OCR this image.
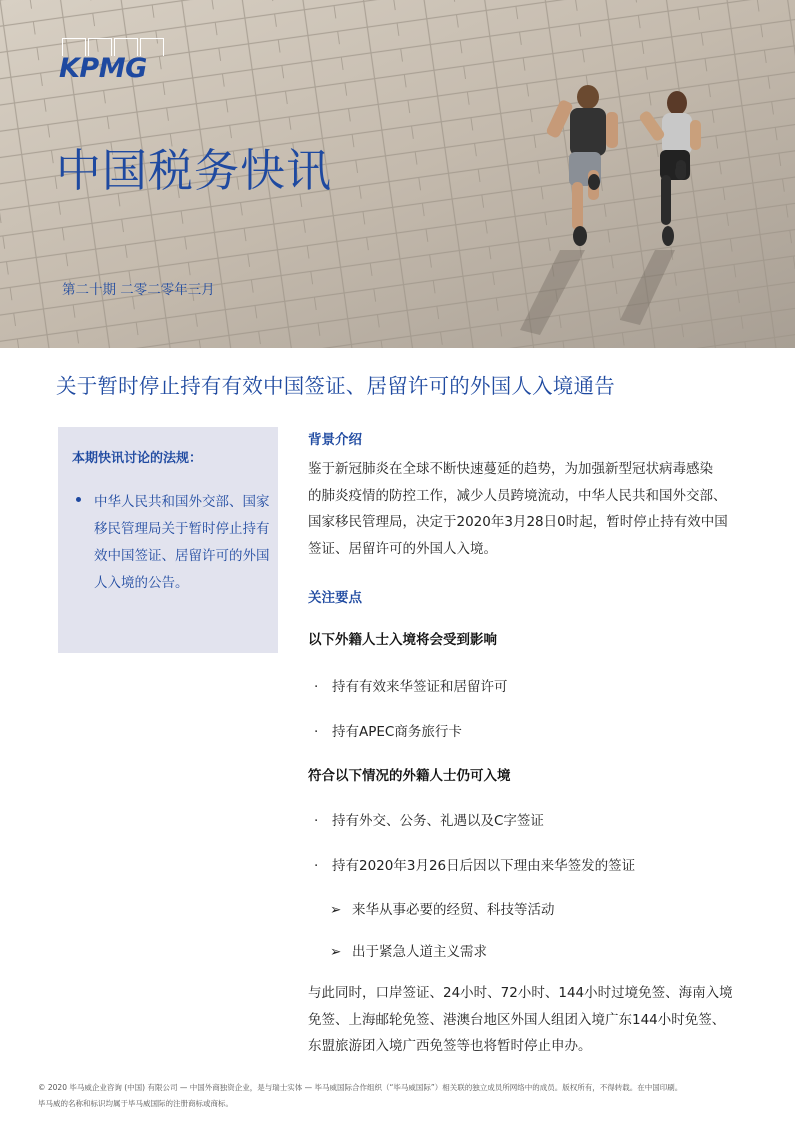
KPMG
中国税务快讯
第二十期 二零二零年三月
关于暂时停止持有有效中国签证、居留许可的外国人入境通告
本期快讯讨论的法规：
中华人民共和国外交部、国家移民管理局关于暂时停止持有效中国签证、居留许可的外国人入境的公告。
背景介绍
鉴于新冠肺炎在全球不断快速蔓延的趋势，为加强新型冠状病毒感染
的肺炎疫情的防控工作，减少人员跨境流动，中华人民共和国外交部、
国家移民管理局，决定于2020年3月28日0时起，暂时停止持有效中国
签证、居留许可的外国人入境。
关注要点
以下外籍人士入境将会受到影响
· 持有有效来华签证和居留许可
· 持有APEC商务旅行卡
符合以下情况的外籍人士仍可入境
· 持有外交、公务、礼遇以及C字签证
· 持有2020年3月26日后因以下理由来华签发的签证
➢ 来华从事必要的经贸、科技等活动
➢ 出于紧急人道主义需求
与此同时，口岸签证、24小时、72小时、144小时过境免签、海南入境
免签、上海邮轮免签、港澳台地区外国人组团入境广东144小时免签、
东盟旅游团入境广西免签等也将暂时停止申办。
© 2020 毕马威企业咨询 (中国) 有限公司 — 中国外商独资企业，是与瑞士实体 — 毕马威国际合作组织（“毕马威国际”）相关联的独立成员所网络中的成员。版权所有，不得转载。在中国印刷。
毕马威的名称和标识均属于毕马威国际的注册商标或商标。
